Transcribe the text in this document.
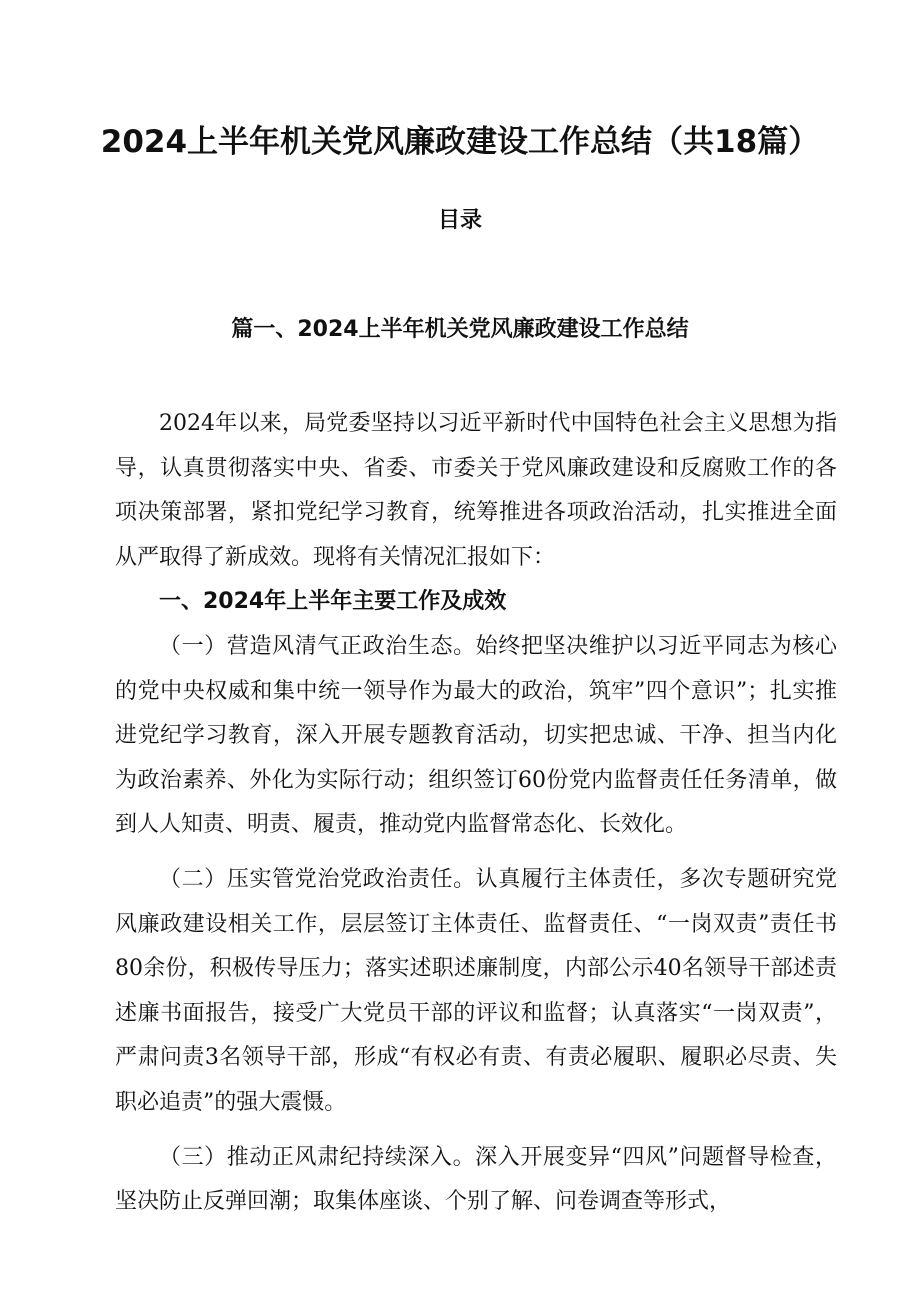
2024上半年机关党风廉政建设工作总结（共18篇）
目录
篇一、2024上半年机关党风廉政建设工作总结

2024年以来，局党委坚持以习近平新时代中国特色社会主义思想为指导，认真贯彻落实中央、省委、市委关于党风廉政建设和反腐败工作的各项决策部署，紧扣党纪学习教育，统筹推进各项政治活动，扎实推进全面从严取得了新成效。现将有关情况汇报如下：

一、2024年上半年主要工作及成效

（一）营造风清气正政治生态。始终把坚决维护以习近平同志为核心的党中央权威和集中统一领导作为最大的政治，筑牢”四个意识”；扎实推进党纪学习教育，深入开展专题教育活动，切实把忠诚、干净、担当内化为政治素养、外化为实际行动；组织签订60份党内监督责任任务清单，做到人人知责、明责、履责，推动党内监督常态化、长效化。

（二）压实管党治党政治责任。认真履行主体责任，多次专题研究党风廉政建设相关工作，层层签订主体责任、监督责任、“一岗双责”责任书80余份，积极传导压力；落实述职述廉制度，内部公示40名领导干部述责述廉书面报告，接受广大党员干部的评议和监督；认真落实“一岗双责”，严肃问责3名领导干部，形成“有权必有责、有责必履职、履职必尽责、失职必追责”的强大震慑。

（三）推动正风肃纪持续深入。深入开展变异“四风”问题督导检查，坚决防止反弹回潮；取集体座谈、个别了解、问卷调查等形式，
